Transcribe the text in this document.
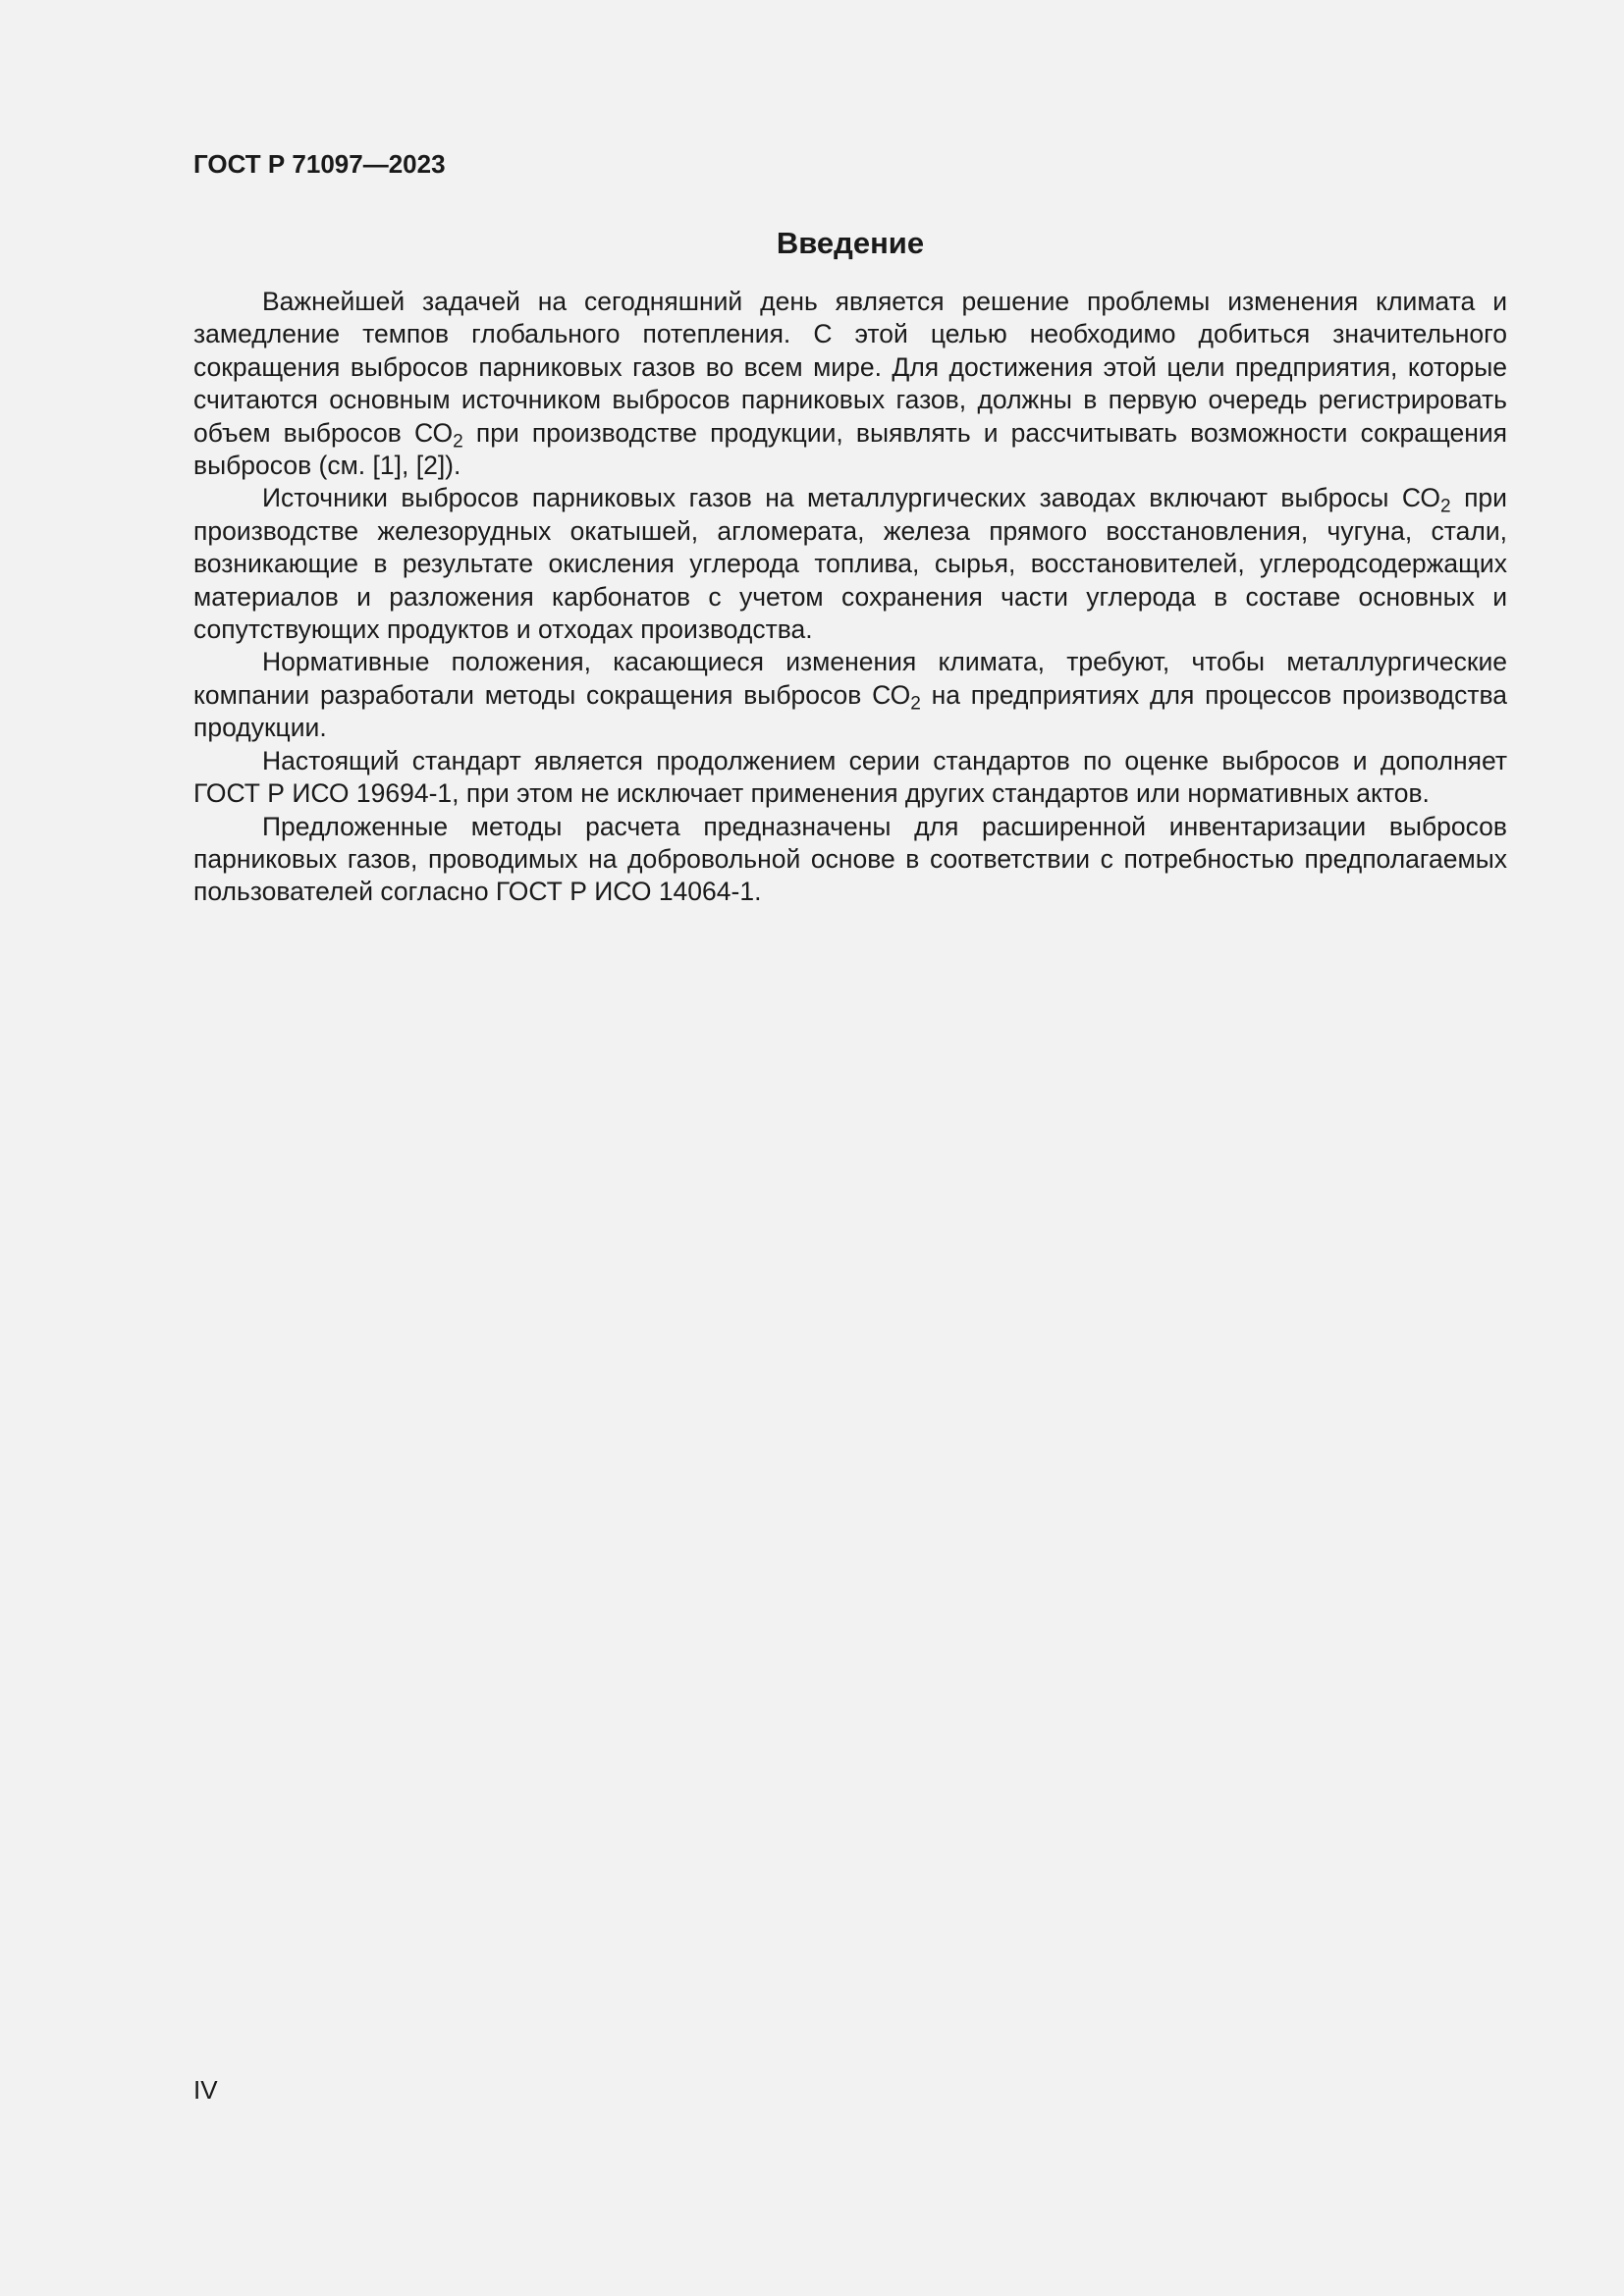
ГОСТ Р 71097—2023
Введение

Важнейшей задачей на сегодняшний день является решение проблемы изменения климата и замедление темпов глобального потепления. С этой целью необходимо добиться значительного сокращения выбросов парниковых газов во всем мире. Для достижения этой цели предприятия, которые считаются основным источником выбросов парниковых газов, должны в первую очередь регистрировать объем выбросов $СО_2$ при производстве продукции, выявлять и рассчитывать возможности сокращения выбросов (см. [1], [2]).

Источники выбросов парниковых газов на металлургических заводах включают выбросы $СО_2$ при производстве железорудных окатышей, агломерата, железа прямого восстановления, чугуна, стали, возникающие в результате окисления углерода топлива, сырья, восстановителей, углеродсодержащих материалов и разложения карбонатов с учетом сохранения части углерода в составе основных и сопутствующих продуктов и отходах производства.

Нормативные положения, касающиеся изменения климата, требуют, чтобы металлургические компании разработали методы сокращения выбросов $СО_2$ на предприятиях для процессов производства продукции.

Настоящий стандарт является продолжением серии стандартов по оценке выбросов и дополняет ГОСТ Р ИСО 19694-1, при этом не исключает применения других стандартов или нормативных актов.

Предложенные методы расчета предназначены для расширенной инвентаризации выбросов парниковых газов, проводимых на добровольной основе в соответствии с потребностью предполагаемых пользователей согласно ГОСТ Р ИСО 14064-1.

IV
